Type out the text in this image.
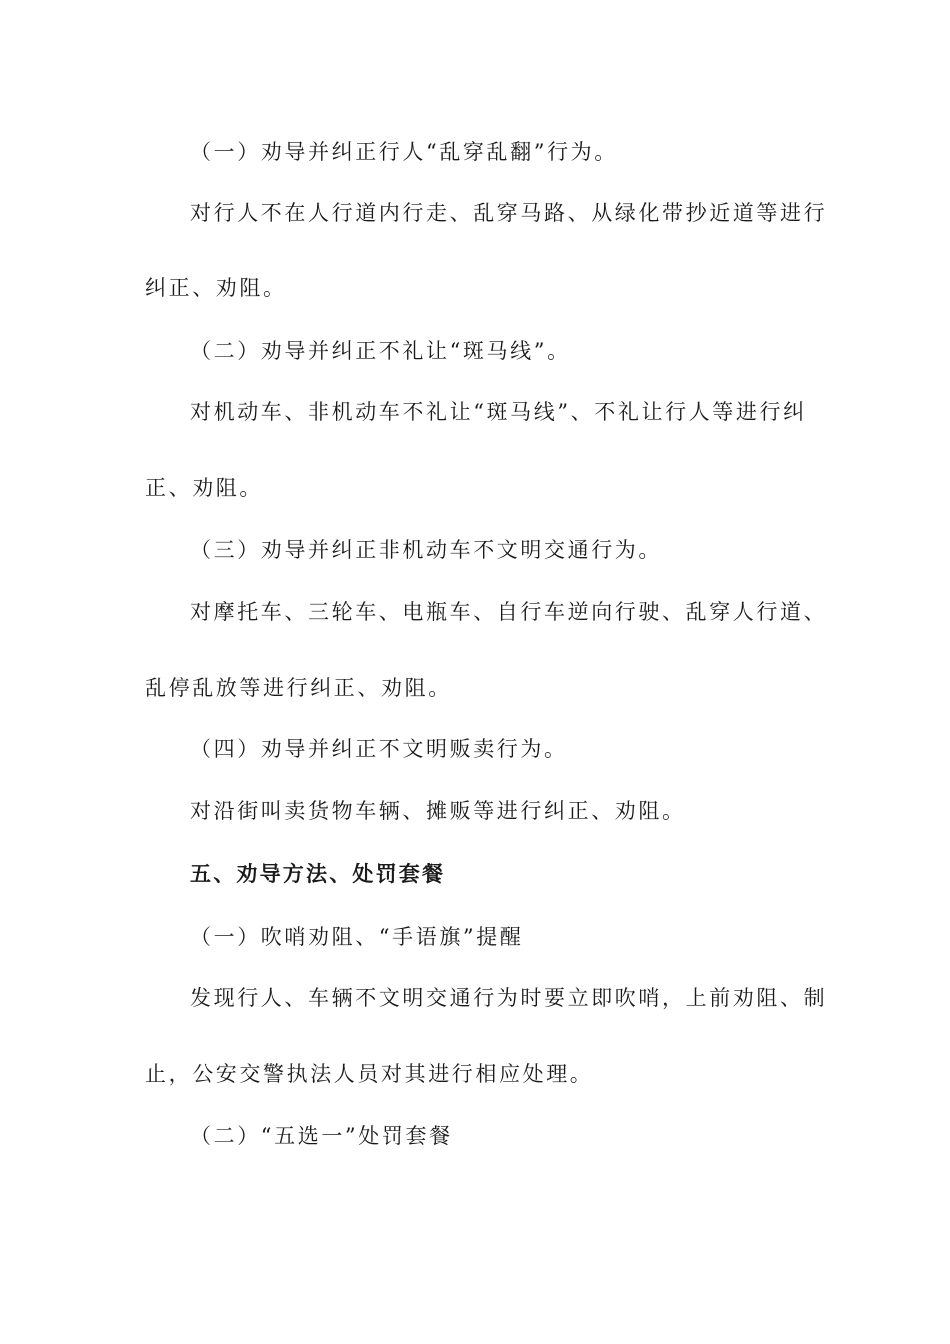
（一）劝导并纠正行人“乱穿乱翻”行为。
对行人不在人行道内行走、乱穿马路、从绿化带抄近道等进行
纠正、劝阻。
（二）劝导并纠正不礼让“斑马线”。
对机动车、非机动车不礼让“斑马线”、不礼让行人等进行纠
正、劝阻。
（三）劝导并纠正非机动车不文明交通行为。
对摩托车、三轮车、电瓶车、自行车逆向行驶、乱穿人行道、
乱停乱放等进行纠正、劝阻。
（四）劝导并纠正不文明贩卖行为。
对沿街叫卖货物车辆、摊贩等进行纠正、劝阻。
五、劝导方法、处罚套餐
（一）吹哨劝阻、“手语旗”提醒
发现行人、车辆不文明交通行为时要立即吹哨，上前劝阻、制
止，公安交警执法人员对其进行相应处理。
（二）“五选一”处罚套餐
